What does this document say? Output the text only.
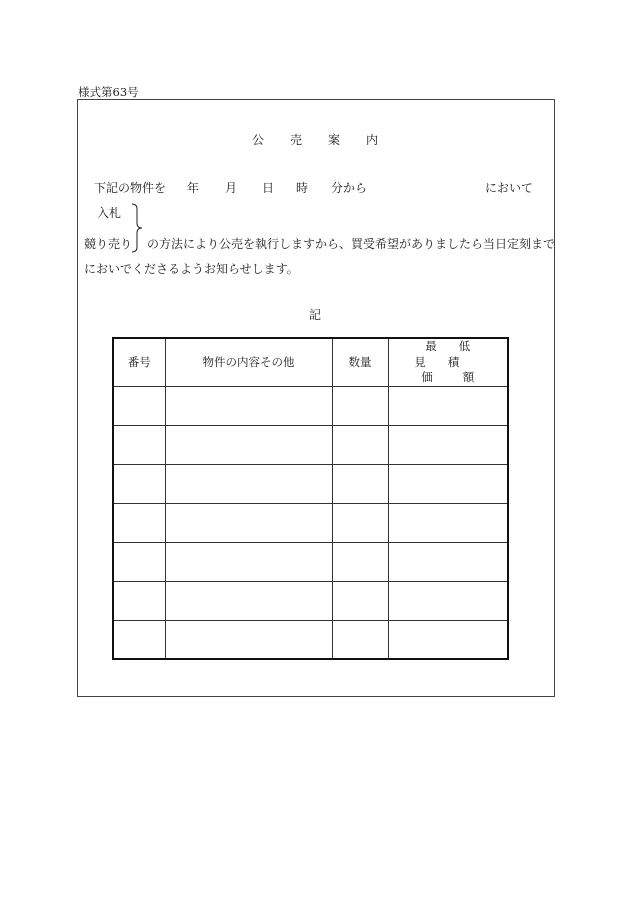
様式第63号
公売案内
下記の物件を 年 月 日 時 分から	において
入札
競り売り の方法により公売を執行しますから、買受希望がありましたら当日定刻まで
においでくださるようお知らせします。
記
番号	物件の内容その他	数量	最低見積
価額
